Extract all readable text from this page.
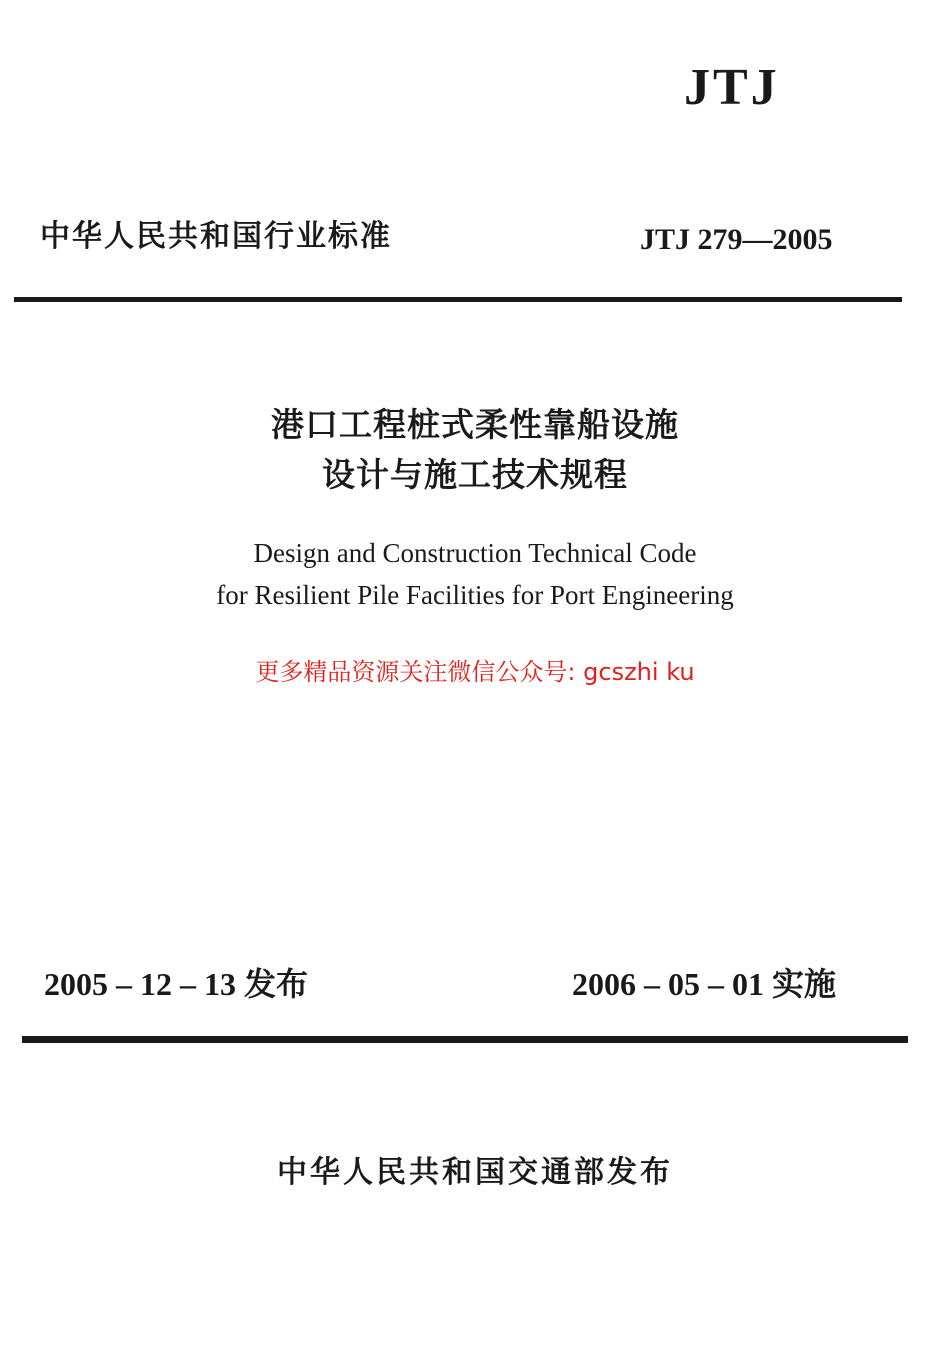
JTJ
中华人民共和国行业标准	JTJ 279—2005
港口工程桩式柔性靠船设施
设计与施工技术规程
Design and Construction Technical Code
for Resilient Pile Facilities for Port Engineering
更多精品资源关注微信公众号: gcszhi ku
2005 – 12 – 13 发布	2006 – 05 – 01 实施
中华人民共和国交通部发布
